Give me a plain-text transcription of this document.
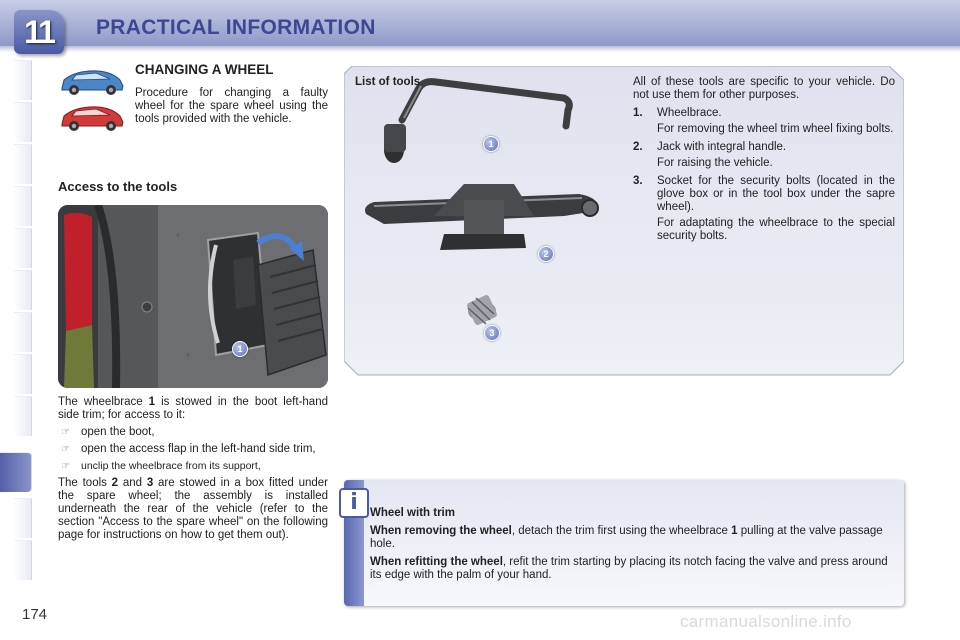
11	PRACTICAL INFORMATION
CHANGING A WHEEL

Procedure for changing a faulty wheel for the spare wheel using the tools provided with the vehicle.

Access to the tools
1

The wheelbrace 1 is stowed in the boot left-hand side trim; for access to it:

☞ open the boot,
☞ open the access flap in the left-hand side trim,
☞ unclip the wheelbrace from its support,

The tools 2 and 3 are stowed in a box fitted under the spare wheel; the assembly is installed underneath the rear of the vehicle (refer to the section "Access to the spare wheel" on the following page for instructions on how to get them out).

174
1
2
3
List of tools	All of these tools are specific to your vehicle. Do not use them for other purposes.

1.	Wheelbrace.

For removing the wheel trim wheel fixing bolts.

2.	Jack with integral handle.

For raising the vehicle.

3.	Socket for the security bolts (located in the glove box or in the tool box under the sapre wheel).

For adaptating the wheelbrace to the special security bolts.

i	Wheel with trim

When removing the wheel, detach the trim first using the wheelbrace 1 pulling at the valve passage hole.

When refitting the wheel, refit the trim starting by placing its notch facing the valve and press around its edge with the palm of your hand.

carmanualsonline.info
